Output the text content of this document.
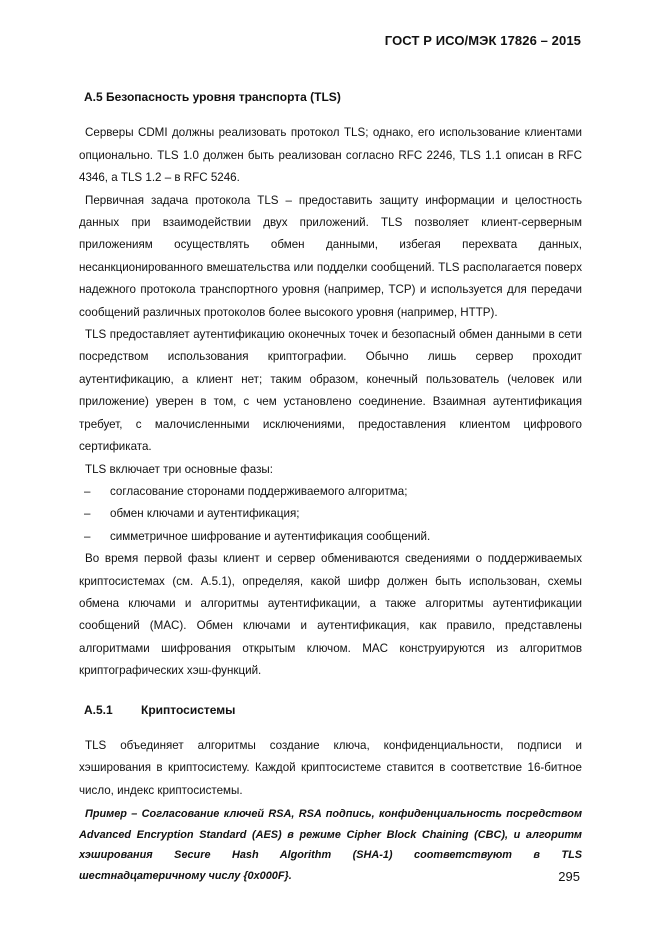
ГОСТ Р ИСО/МЭК 17826 – 2015
А.5 Безопасность уровня транспорта (TLS)

Серверы CDMI должны реализовать протокол TLS; однако, его использование клиентами опционально. TLS 1.0 должен быть реализован согласно RFC 2246, TLS 1.1 описан в RFC 4346, а TLS 1.2 – в RFC 5246.

Первичная задача протокола TLS – предоставить защиту информации и целостность данных при взаимодействии двух приложений. TLS позволяет клиент-серверным приложениям осуществлять обмен данными, избегая перехвата данных, несанкционированного вмешательства или подделки сообщений. TLS располагается поверх надежного протокола транспортного уровня (например, TCP) и используется для передачи сообщений различных протоколов более высокого уровня (например, HTTP).

TLS предоставляет аутентификацию оконечных точек и безопасный обмен данными в сети посредством использования криптографии. Обычно лишь сервер проходит аутентификацию, а клиент нет; таким образом, конечный пользователь (человек или приложение) уверен в том, с чем установлено соединение. Взаимная аутентификация требует, с малочисленными исключениями, предоставления клиентом цифрового сертификата.

TLS включает три основные фазы:

–	согласование сторонами поддерживаемого алгоритма;
–	обмен ключами и аутентификация;
–	симметричное шифрование и аутентификация сообщений.

Во время первой фазы клиент и сервер обмениваются сведениями о поддерживаемых криптосистемах (см. А.5.1), определяя, какой шифр должен быть использован, схемы обмена ключами и алгоритмы аутентификации, а также алгоритмы аутентификации сообщений (MAC). Обмен ключами и аутентификация, как правило, представлены алгоритмами шифрования открытым ключом. MAC конструируются из алгоритмов криптографических хэш-функций.

А.5.1	Криптосистемы

TLS объединяет алгоритмы создание ключа, конфиденциальности, подписи и хэширования в криптосистему. Каждой криптосистеме ставится в соответствие 16-битное число, индекс криптосистемы.

Пример – Согласование ключей RSA, RSA подпись, конфиденциальность посредством Advanced Encryption Standard (AES) в режиме Cipher Block Chaining (CBC), и алгоритм хэширования Secure Hash Algorithm (SHA-1) соответствуют в TLS шестнадцатеричному числу {0x000F}.	295
